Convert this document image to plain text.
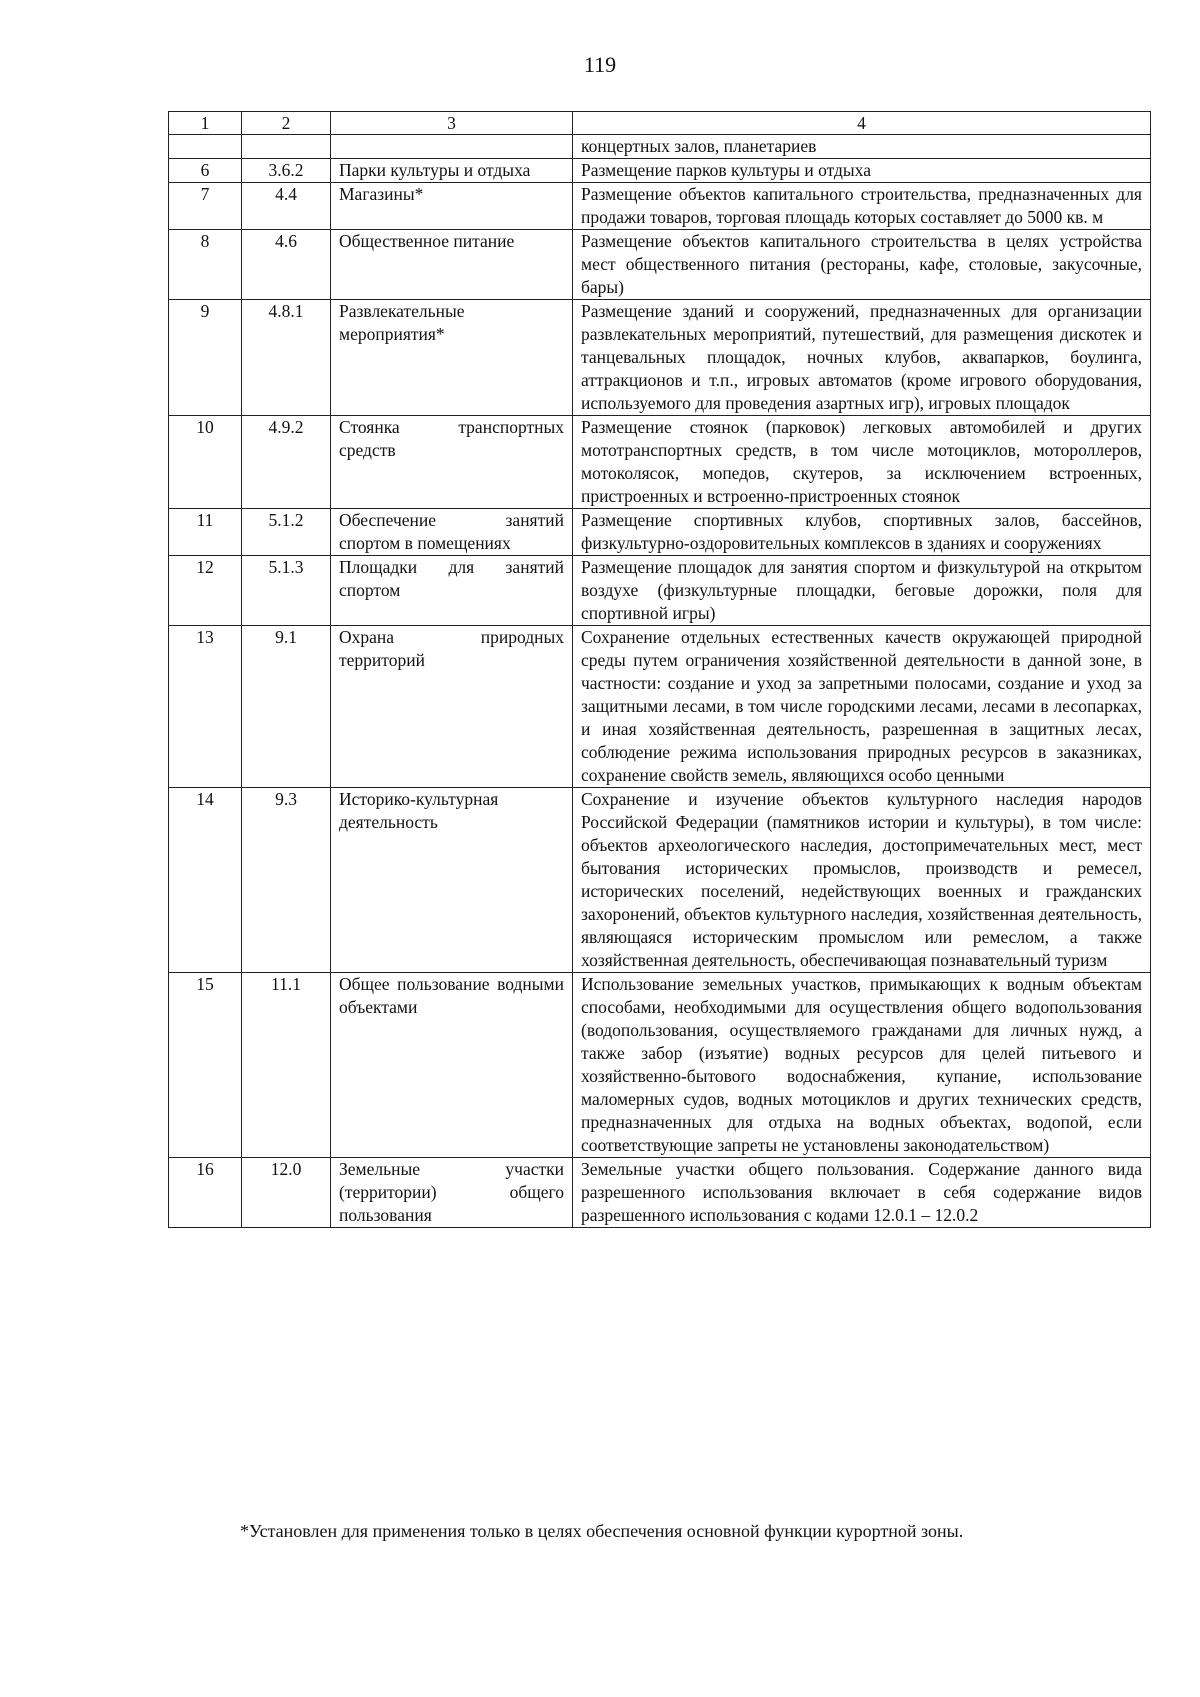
119
1	2	3	4
			концертных залов, планетариев
6	3.6.2	Парки культуры и отдыха	Размещение парков культуры и отдыха
7	4.4	Магазины*	Размещение объектов капитального строительства, предназначенных для продажи товаров, торговая площадь которых составляет до 5000 кв. м
8	4.6	Общественное питание	Размещение объектов капитального строительства в целях устройства мест общественного питания (рестораны, кафе, столовые, закусочные, бары)
9	4.8.1	Развлекательные мероприятия*	Размещение зданий и сооружений, предназначенных для организации развлекательных мероприятий, путешествий, для размещения дискотек и танцевальных площадок, ночных клубов, аквапарков, боулинга, аттракционов и т.п., игровых автоматов (кроме игрового оборудования, используемого для проведения азартных игр), игровых площадок
10	4.9.2	Стоянка транспортных средств	Размещение стоянок (парковок) легковых автомобилей и других мототранспортных средств, в том числе мотоциклов, мотороллеров, мотоколясок, мопедов, скутеров, за исключением встроенных, пристроенных и встроенно-пристроенных стоянок
11	5.1.2	Обеспечение занятий спортом в помещениях	Размещение спортивных клубов, спортивных залов, бассейнов, физкультурно-оздоровительных комплексов в зданиях и сооружениях
12	5.1.3	Площадки для занятий спортом	Размещение площадок для занятия спортом и физкультурой на открытом воздухе (физкультурные площадки, беговые дорожки, поля для спортивной игры)
13	9.1	Охрана природных территорий	Сохранение отдельных естественных качеств окружающей природной среды путем ограничения хозяйственной деятельности в данной зоне, в частности: создание и уход за запретными полосами, создание и уход за защитными лесами, в том числе городскими лесами, лесами в лесопарках, и иная хозяйственная деятельность, разрешенная в защитных лесах, соблюдение режима использования природных ресурсов в заказниках, сохранение свойств земель, являющихся особо ценными
14	9.3	Историко-культурная деятельность	Сохранение и изучение объектов культурного наследия народов Российской Федерации (памятников истории и культуры), в том числе: объектов археологического наследия, достопримечательных мест, мест бытования исторических промыслов, производств и ремесел, исторических поселений, недействующих военных и гражданских захоронений, объектов культурного наследия, хозяйственная деятельность, являющаяся историческим промыслом или ремеслом, а также хозяйственная деятельность, обеспечивающая познавательный туризм
15	11.1	Общее пользование водными объектами	Использование земельных участков, примыкающих к водным объектам способами, необходимыми для осуществления общего водопользования (водопользования, осуществляемого гражданами для личных нужд, а также забор (изъятие) водных ресурсов для целей питьевого и хозяйственно-бытового водоснабжения, купание, использование маломерных судов, водных мотоциклов и других технических средств, предназначенных для отдыха на водных объектах, водопой, если соответствующие запреты не установлены законодательством)
16	12.0	Земельные участки (территории) общего пользования	Земельные участки общего пользования. Содержание данного вида разрешенного использования включает в себя содержание видов разрешенного использования с кодами 12.0.1 – 12.0.2
*Установлен для применения только в целях обеспечения основной функции курортной зоны.
